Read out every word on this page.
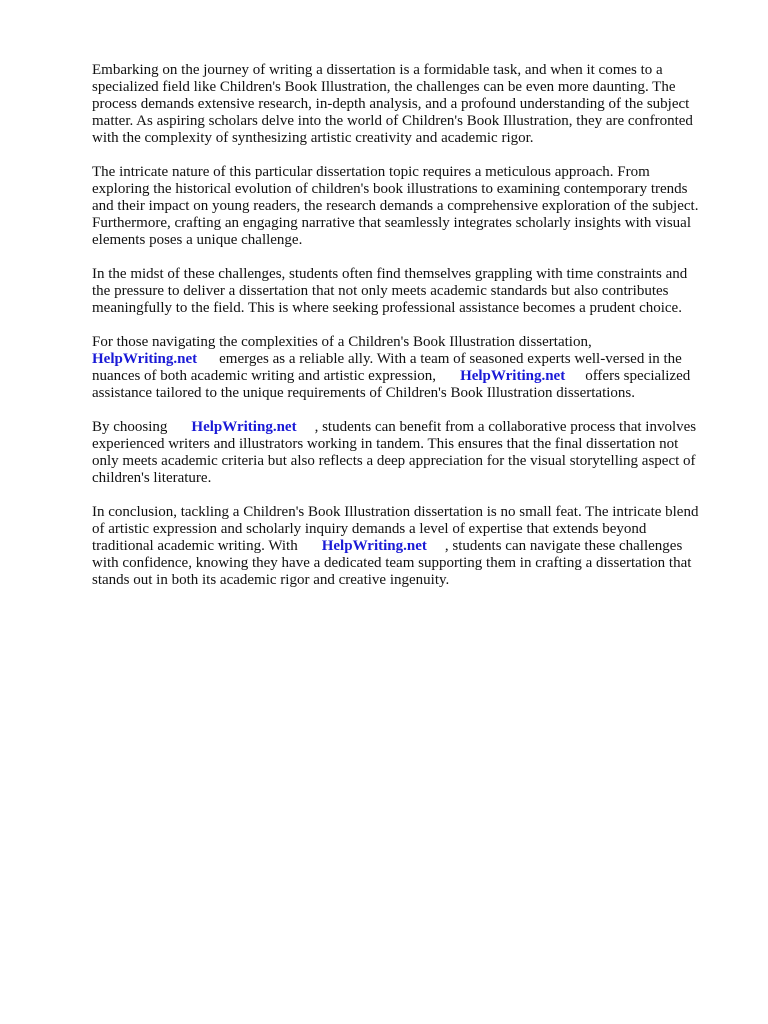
Embarking on the journey of writing a dissertation is a formidable task, and when it comes to a
specialized field like Children's Book Illustration, the challenges can be even more daunting. The
process demands extensive research, in-depth analysis, and a profound understanding of the subject
matter. As aspiring scholars delve into the world of Children's Book Illustration, they are confronted
with the complexity of synthesizing artistic creativity and academic rigor.

The intricate nature of this particular dissertation topic requires a meticulous approach. From
exploring the historical evolution of children's book illustrations to examining contemporary trends
and their impact on young readers, the research demands a comprehensive exploration of the subject.
Furthermore, crafting an engaging narrative that seamlessly integrates scholarly insights with visual
elements poses a unique challenge.

In the midst of these challenges, students often find themselves grappling with time constraints and
the pressure to deliver a dissertation that not only meets academic standards but also contributes
meaningfully to the field. This is where seeking professional assistance becomes a prudent choice.

For those navigating the complexities of a Children's Book Illustration dissertation,
HelpWriting.net emerges as a reliable ally. With a team of seasoned experts well-versed in the
nuances of both academic writing and artistic expression, HelpWriting.net offers specialized
assistance tailored to the unique requirements of Children's Book Illustration dissertations.

By choosing HelpWriting.net , students can benefit from a collaborative process that involves
experienced writers and illustrators working in tandem. This ensures that the final dissertation not
only meets academic criteria but also reflects a deep appreciation for the visual storytelling aspect of
children's literature.

In conclusion, tackling a Children's Book Illustration dissertation is no small feat. The intricate blend
of artistic expression and scholarly inquiry demands a level of expertise that extends beyond
traditional academic writing. With HelpWriting.net , students can navigate these challenges
with confidence, knowing they have a dedicated team supporting them in crafting a dissertation that
stands out in both its academic rigor and creative ingenuity.
